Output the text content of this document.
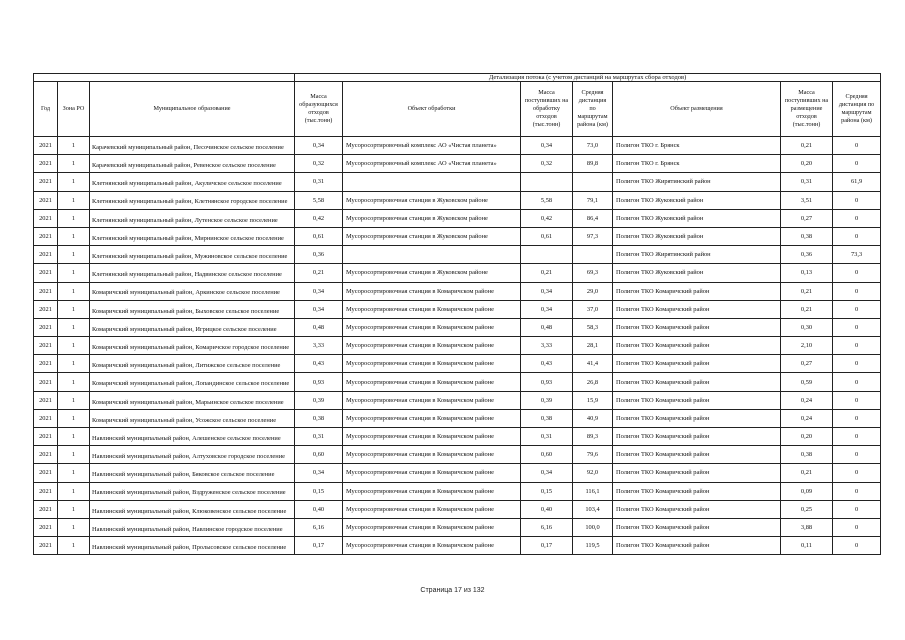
			Детализация потока (с учетом дистанций на маршрутах сбора отходов)						
Год	Зона РО	Муниципальное образование	Масса образующихся отходов (тыс.тонн)	Объект обработки	Масса поступивших на обработку отходов (тыс.тонн)	Средняя дистанция по маршрутам района (км)	Объект размещения	Масса поступивших на размещение отходов (тыс.тонн)	Средняя дистанция по маршрутам района (км)
2021	1	Карачевский муниципальный район, Песочинское сельское поселение	0,34	Мусоросортировочный комплекс АО «Чистая планета»	0,34	73,0	Полигон ТКО г. Брянск	0,21	0
2021	1	Карачевский муниципальный район, Ревенское сельское поселение	0,32	Мусоросортировочный комплекс АО «Чистая планета»	0,32	89,8	Полигон ТКО г. Брянск	0,20	0
2021	1	Клетнянский муниципальный район, Акуличское сельское поселение	0,31				Полигон ТКО Жирятинский район	0,31	61,9
2021	1	Клетнянский муниципальный район, Клетнянское городское поселение	5,58	Мусоросортировочная станция в Жуковском районе	5,58	79,1	Полигон ТКО Жуковский район	3,51	0
2021	1	Клетнянский муниципальный район, Лутенское сельское поселение	0,42	Мусоросортировочная станция в Жуковском районе	0,42	86,4	Полигон ТКО Жуковский район	0,27	0
2021	1	Клетнянский муниципальный район, Мирнинское сельское поселение	0,61	Мусоросортировочная станция в Жуковском районе	0,61	97,3	Полигон ТКО Жуковский район	0,38	0
2021	1	Клетнянский муниципальный район, Мужиновское сельское поселение	0,36				Полигон ТКО Жирятинский район	0,36	73,3
2021	1	Клетнянский муниципальный район, Надвинское сельское поселение	0,21	Мусоросортировочная станция в Жуковском районе	0,21	69,3	Полигон ТКО Жуковский район	0,13	0
2021	1	Комаричский муниципальный район, Аркинское сельское поселение	0,34	Мусоросортировочная станция в Комаричском районе	0,34	29,0	Полигон ТКО Комаричский район	0,21	0
2021	1	Комаричский муниципальный район, Быховское сельское поселение	0,34	Мусоросортировочная станция в Комаричском районе	0,34	37,0	Полигон ТКО Комаричский район	0,21	0
2021	1	Комаричский муниципальный район, Игрицкое сельское поселение	0,48	Мусоросортировочная станция в Комаричском районе	0,48	58,3	Полигон ТКО Комаричский район	0,30	0
2021	1	Комаричский муниципальный район, Комаричское городское поселение	3,33	Мусоросортировочная станция в Комаричском районе	3,33	28,1	Полигон ТКО Комаричский район	2,10	0
2021	1	Комаричский муниципальный район, Литижское сельское поселение	0,43	Мусоросортировочная станция в Комаричском районе	0,43	41,4	Полигон ТКО Комаричский район	0,27	0
2021	1	Комаричский муниципальный район, Лопандинское сельское поселение	0,93	Мусоросортировочная станция в Комаричском районе	0,93	26,8	Полигон ТКО Комаричский район	0,59	0
2021	1	Комаричский муниципальный район, Марьинское сельское поселение	0,39	Мусоросортировочная станция в Комаричском районе	0,39	15,9	Полигон ТКО Комаричский район	0,24	0
2021	1	Комаричский муниципальный район, Усожское сельское поселение	0,38	Мусоросортировочная станция в Комаричском районе	0,38	40,9	Полигон ТКО Комаричский район	0,24	0
2021	1	Навлинский муниципальный район, Алешенское сельское поселение	0,31	Мусоросортировочная станция в Комаричском районе	0,31	89,3	Полигон ТКО Комаричский район	0,20	0
2021	1	Навлинский муниципальный район, Алтуховское городское поселение	0,60	Мусоросортировочная станция в Комаричском районе	0,60	79,6	Полигон ТКО Комаричский район	0,38	0
2021	1	Навлинский муниципальный район, Бяковское сельское поселение	0,34	Мусоросортировочная станция в Комаричском районе	0,34	92,0	Полигон ТКО Комаричский район	0,21	0
2021	1	Навлинский муниципальный район, Вздруженское сельское поселение	0,15	Мусоросортировочная станция в Комаричском районе	0,15	116,1	Полигон ТКО Комаричский район	0,09	0
2021	1	Навлинский муниципальный район, Клюковенское сельское поселение	0,40	Мусоросортировочная станция в Комаричском районе	0,40	103,4	Полигон ТКО Комаричский район	0,25	0
2021	1	Навлинский муниципальный район, Навлинское городское поселение	6,16	Мусоросортировочная станция в Комаричском районе	6,16	100,0	Полигон ТКО Комаричский район	3,88	0
2021	1	Навлинский муниципальный район, Пролысовское сельское поселение	0,17	Мусоросортировочная станция в Комаричском районе	0,17	119,5	Полигон ТКО Комаричский район	0,11	0
Страница 17 из 132
